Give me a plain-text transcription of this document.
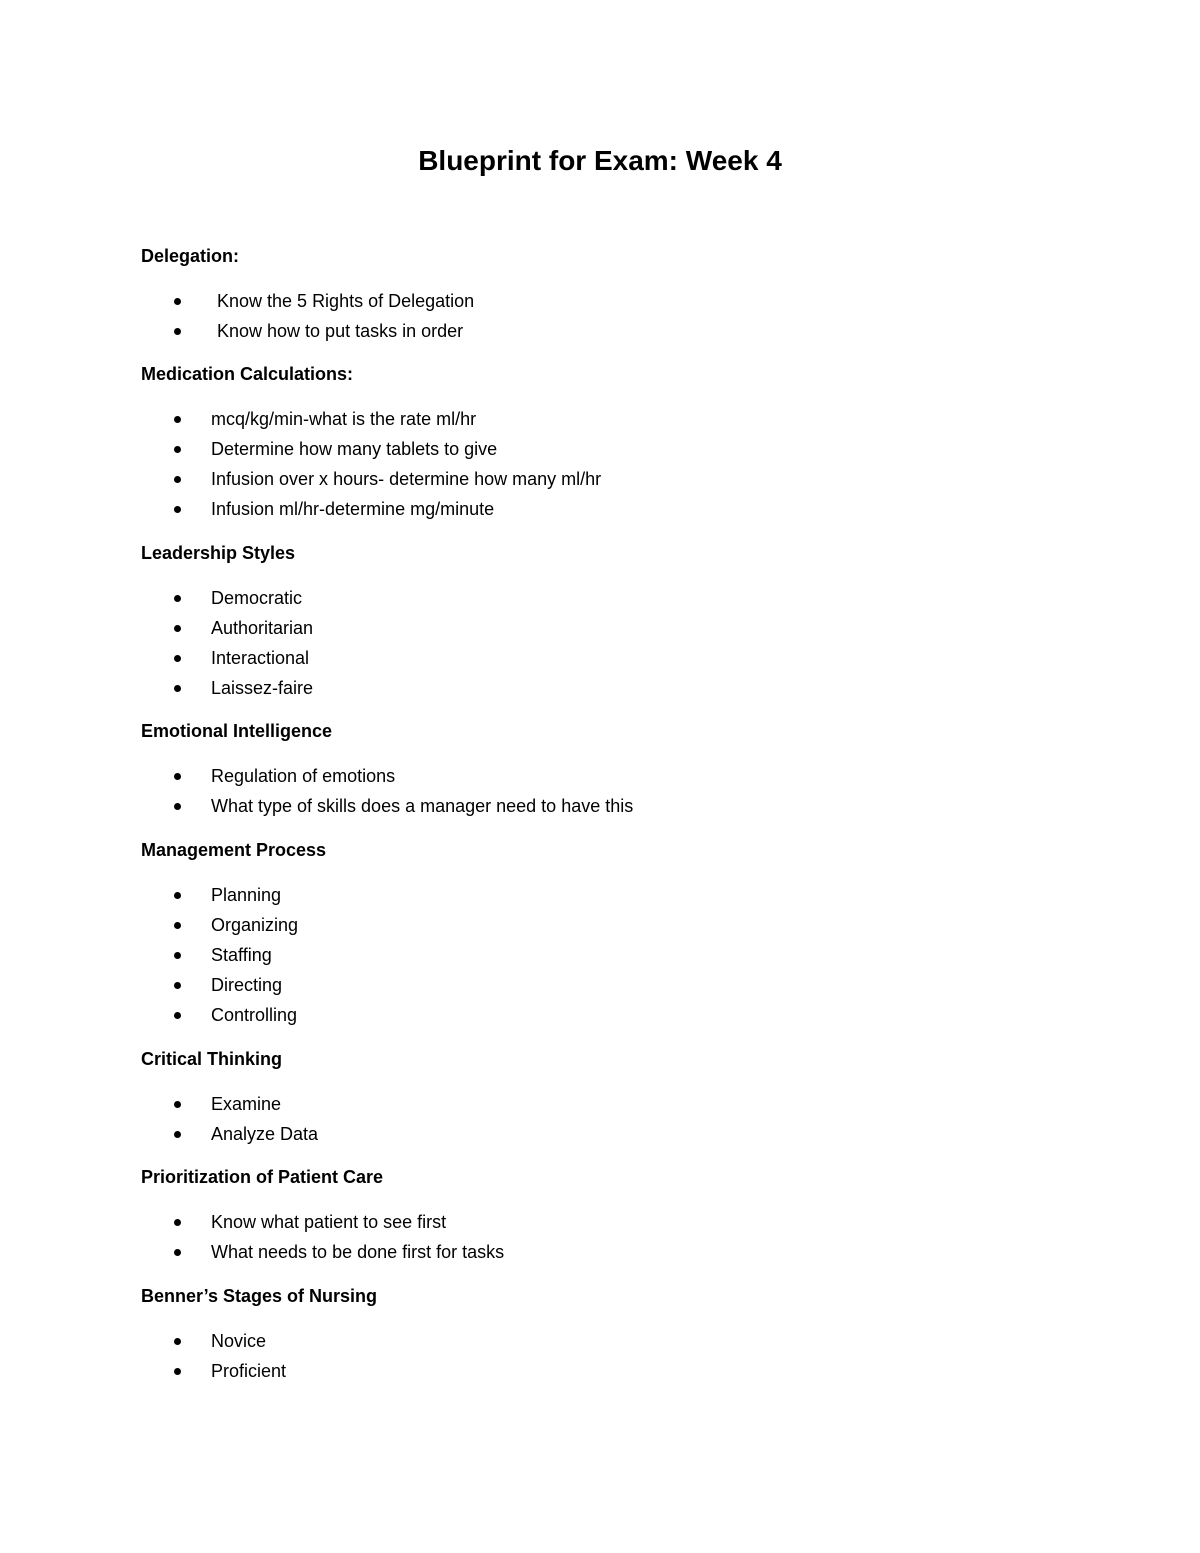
Blueprint for Exam: Week 4
Delegation:
Know the 5 Rights of Delegation
Know how to put tasks in order
Medication Calculations:
mcq/kg/min-what is the rate ml/hr
Determine how many tablets to give
Infusion over x hours- determine how many ml/hr
Infusion ml/hr-determine mg/minute
Leadership Styles
Democratic
Authoritarian
Interactional
Laissez-faire
Emotional Intelligence
Regulation of emotions
What type of skills does a manager need to have this
Management Process
Planning
Organizing
Staffing
Directing
Controlling
Critical Thinking
Examine
Analyze Data
Prioritization of Patient Care
Know what patient to see first
What needs to be done first for tasks
Benner’s Stages of Nursing
Novice
Proficient
